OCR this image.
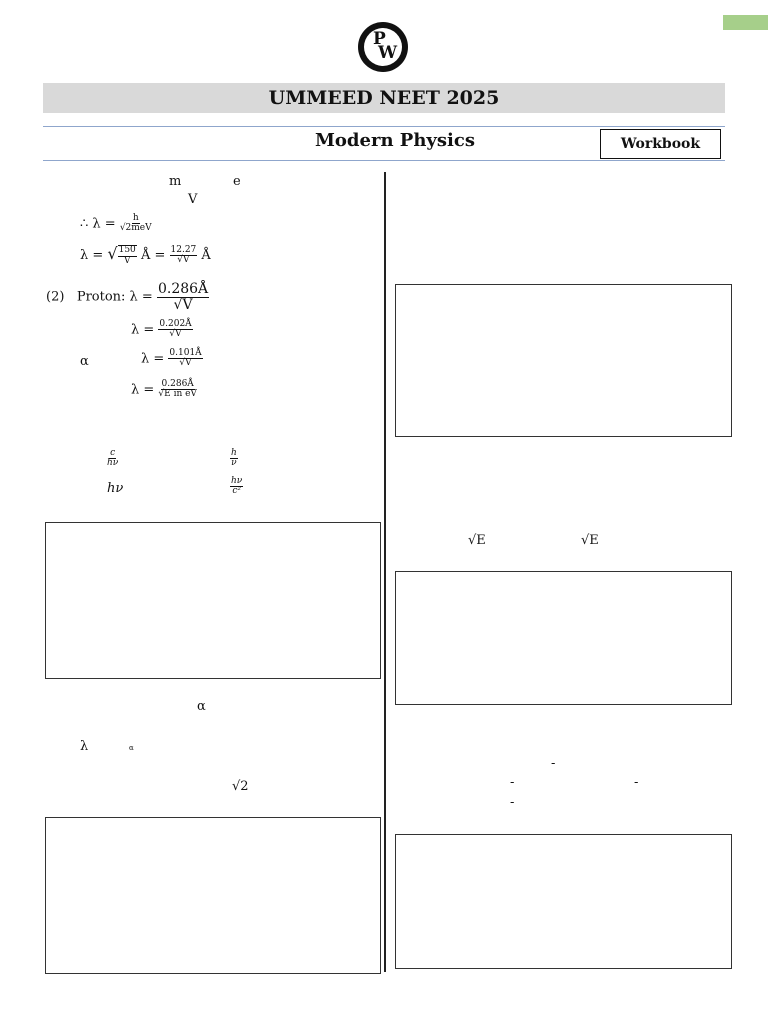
P
W
UMMEED NEET 2025
Modern Physics	Workbook
m	e
V
∴ $\lambda = \frac{h}{\text{√2meV}}$
λ = √ $\frac{150}{V}$ Å = $\frac{12.27}{√V}$ Å
(2) Proton: $\lambda = \frac{0.286Å}{√V}$
$\lambda = \frac{0.202Å}{√V}$
α	$\lambda = \frac{0.101Å}{√V}$
$\lambda = \frac{0.286Å}{\text{√E in eV}}$
$\frac{c}{h\nu}$	$\frac{h}{\nu}$
hν	$\frac{h\nu}{\text{c²}}$
α
λ	α
√2
√E	√E
-
-	-
-
